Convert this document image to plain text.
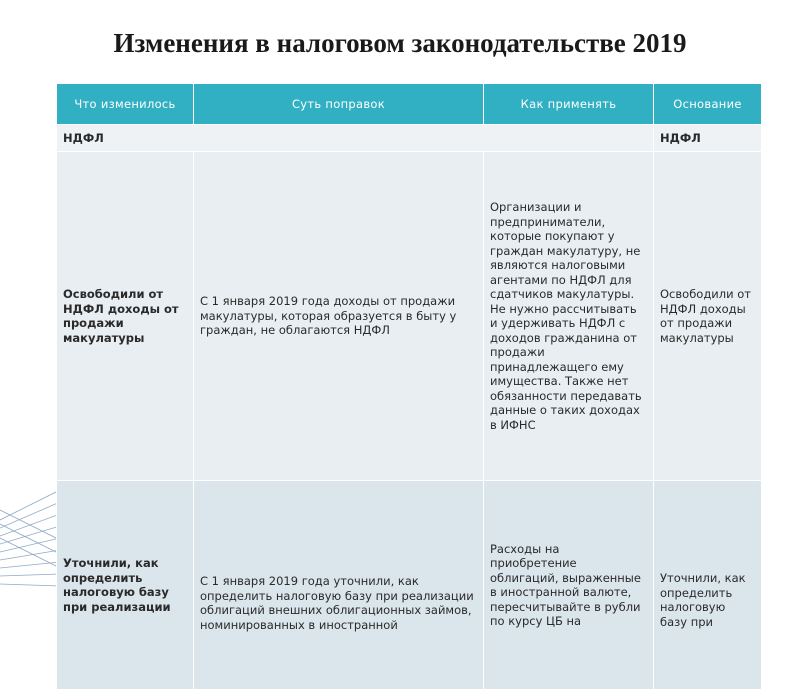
Изменения в налоговом законодательстве 2019
Что изменилось	Суть поправок	Как применять	Основание
НДФЛ			НДФЛ
Освободили от НДФЛ доходы от продажи макулатуры	С 1 января 2019 года доходы от продажи макулатуры, которая образуется в быту у граждан, не облагаются НДФЛ	Организации и предприниматели, которые покупают у граждан макулатуру, не являются налоговыми агентами по НДФЛ для сдатчиков макулатуры. Не нужно рассчитывать и удерживать НДФЛ с доходов гражданина от продажи принадлежащего ему имущества. Также нет обязанности передавать данные о таких доходах в ИФНС	Освободили от НДФЛ доходы от продажи макулатуры
Уточнили, как определить налоговую базу при реализации	С 1 января 2019 года уточнили, как определить налоговую базу при реализации облигаций внешних облигационных займов, номинированных в иностранной	Расходы на приобретение облигаций, выраженные в иностранной валюте, пересчитывайте в рубли по курсу ЦБ на	Уточнили, как определить налоговую базу при
